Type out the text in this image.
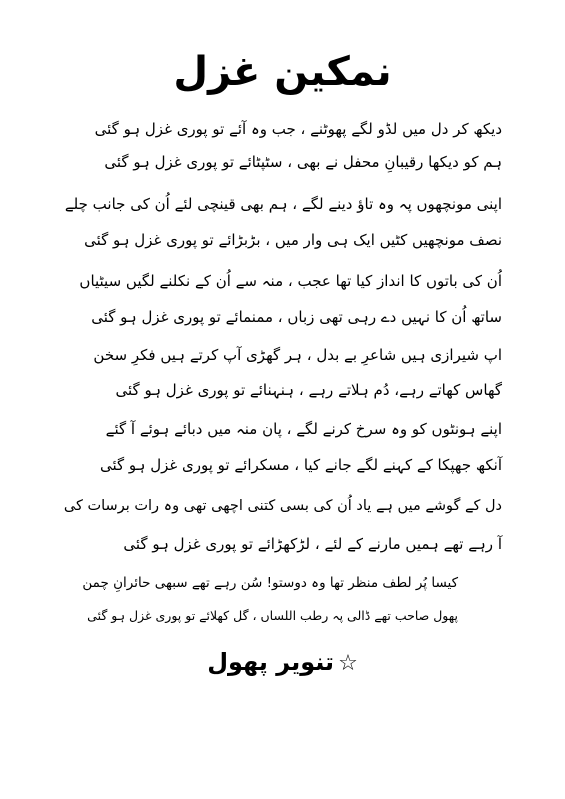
نمکین غزل
دیکھ کر دل میں لڈو لگے پھوٹنے ، جب وہ آئے تو پوری غزل ہو گئی
ہم کو دیکھا رقیبانِ محفل نے بھی ، سٹپٹائے تو پوری غزل ہو گئی
اپنی مونچھوں پہ وہ تاؤ دینے لگے ، ہم بھی قینچی لئے اُن کی جانب چلے
نصف مونچھیں کٹیں ایک ہی وار میں ، بڑبڑائے تو پوری غزل ہو گئی
اُن کی باتوں کا انداز کیا تھا عجب ، منہ سے اُن کے نکلنے لگیں سیٹیاں
ساتھ اُن کا نہیں دے رہی تھی زباں ، ممنمائے تو پوری غزل ہو گئی
اپ شیرازی ہیں شاعرِ بے بدل ، ہر گھڑی آپ کرتے ہیں فکرِ سخن
گھاس کھاتے رہے، دُم ہلاتے رہے ، ہنہنائے تو پوری غزل ہو گئی
اپنے ہونٹوں کو وہ سرخ کرنے لگے ، پان منہ میں دبائے ہوئے آ گئے
آنکھ جھپکا کے کہنے لگے جانے کیا ، مسکرائے تو پوری غزل ہو گئی
دل کے گوشے میں ہے یاد اُن کی بسی کتنی اچھی تھی وہ رات برسات کی
آ رہے تھے ہمیں مارنے کے لئے ، لڑکھڑائے تو پوری غزل ہو گئی
کیسا پُر لطف منظر تھا وہ دوستو! سُن رہے تھے سبھی حائرانِ چمن
پھول صاحب تھے ڈالی پہ رطب اللساں ، گل کھلائے تو پوری غزل ہو گئی
☆تنویر پھول
